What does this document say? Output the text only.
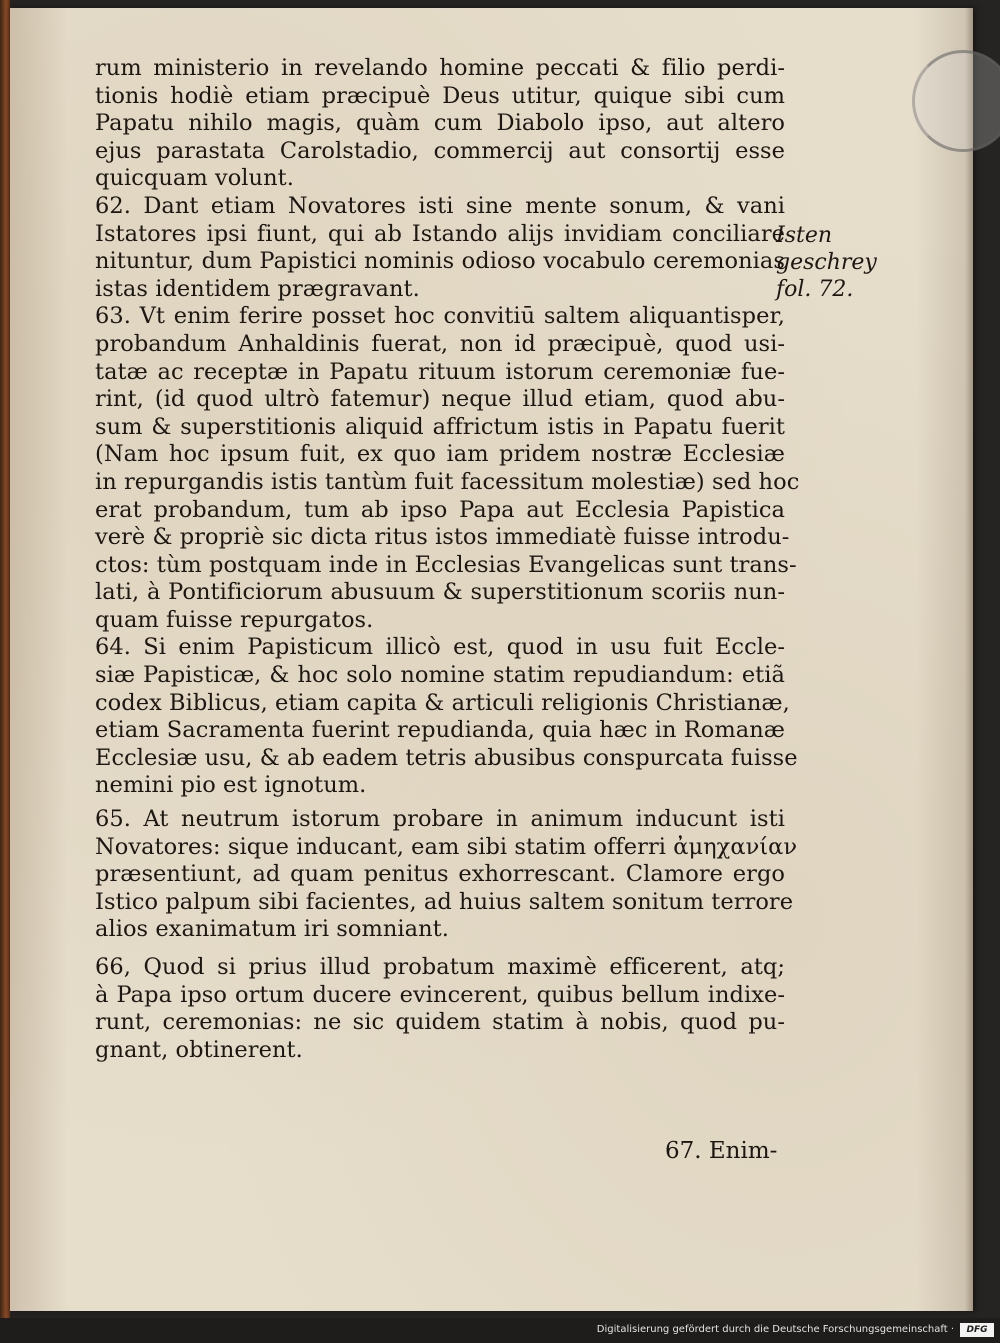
rum ministerio in revelando homine peccati & filio perdi-
tionis hodiè etiam præcipuè Deus utitur, quique sibi cum
Papatu nihilo magis, quàm cum Diabolo ipso, aut altero
ejus parastata Carolstadio, commercij aut consortij esse
quicquam volunt.
62. Dant etiam Novatores isti sine mente sonum, & vani
Istatores ipsi fiunt, qui ab Istando alijs invidiam conciliare
nituntur, dum Papistici nominis odioso vocabulo ceremonias
istas identidem prægravant.
63. Vt enim ferire posset hoc convitiū saltem aliquantisper,
probandum Anhaldinis fuerat, non id præcipuè, quod usi-
tatæ ac receptæ in Papatu rituum istorum ceremoniæ fue-
rint, (id quod ultrò fatemur) neque illud etiam, quod abu-
sum & superstitionis aliquid affrictum istis in Papatu fuerit
(Nam hoc ipsum fuit, ex quo iam pridem nostræ Ecclesiæ
in repurgandis istis tantùm fuit facessitum molestiæ) sed hoc
erat probandum, tum ab ipso Papa aut Ecclesia Papistica
verè & propriè sic dicta ritus istos immediatè fuisse introdu-
ctos: tùm postquam inde in Ecclesias Evangelicas sunt trans-
lati, à Pontificiorum abusuum & superstitionum scoriis nun-
quam fuisse repurgatos.
64. Si enim Papisticum illicò est, quod in usu fuit Eccle-
siæ Papisticæ, & hoc solo nomine statim repudiandum: etiã
codex Biblicus, etiam capita & articuli religionis Christianæ,
etiam Sacramenta fuerint repudianda, quia hæc in Romanæ
Ecclesiæ usu, & ab eadem tetris abusibus conspurcata fuisse
nemini pio est ignotum.
65. At neutrum istorum probare in animum inducunt isti
Novatores: sique inducant, eam sibi statim offerri ἀμηχανίαν
præsentiunt, ad quam penitus exhorrescant. Clamore ergo
Istico palpum sibi facientes, ad huius saltem sonitum terrore
alios exanimatum iri somniant.
66, Quod si prius illud probatum maximè efficerent, atq;
à Papa ipso ortum ducere evincerent, quibus bellum indixe-
runt, ceremonias: ne sic quidem statim à nobis, quod pu-
gnant, obtinerent.
Isten
geschrey
fol. 72.
67. Enim-
Digitalisierung gefördert durch die Deutsche Forschungsgemeinschaft ·	DFG
